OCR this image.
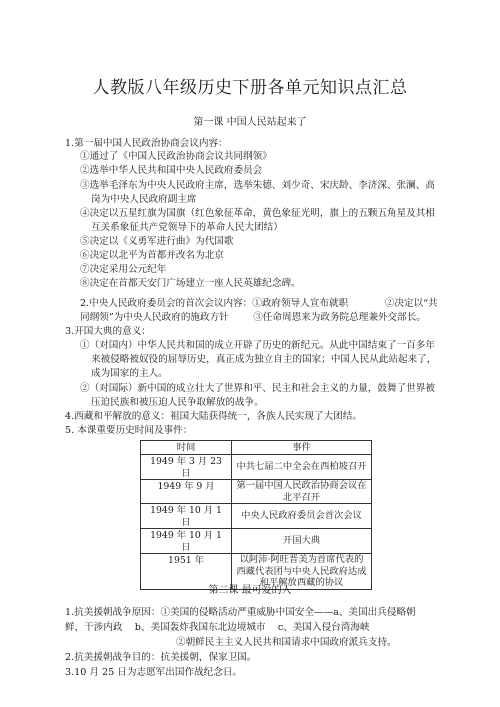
人教版八年级历史下册各单元知识点汇总
第一课 中国人民站起来了
1.第一届中国人民政治协商会议内容：
①通过了《中国人民政治协商会议共同纲领》
②选举中华人民共和国中央人民政府委员会
③选举毛泽东为中央人民政府主席，选举朱德、刘少奇、宋庆龄、李济深、张澜、高
岗为中央人民政府副主席
④决定以五星红旗为国旗（红色象征革命，黄色象征光明，旗上的五颗五角星及其相
互关系象征共产党领导下的革命人民大团结）
⑤决定以《义勇军进行曲》为代国歌
⑥决定以北平为首都并改名为北京
⑦决定采用公元纪年
⑧决定在首都天安门广场建立一座人民英雄纪念碑。
2.中央人民政府委员会的首次会议内容：①政府领导人宣布就职            ②决定以“共
同纲领”为中央人民政府的施政方针        ③任命周恩来为政务院总理兼外交部长。
3.开国大典的意义：
①（对国内）中华人民共和国的成立开辟了历史的新纪元。从此中国结束了一百多年
来被侵略被奴役的屈辱历史，真正成为独立自主的国家；中国人民从此站起来了，
成为国家的主人。
②（对国际）新中国的成立壮大了世界和平、民主和社会主义的力量，鼓舞了世界被
压迫民族和被压迫人民争取解放的战争。
4.西藏和平解放的意义：祖国大陆获得统一，各族人民实现了大团结。
5. 本课重要历史时间及事件：
时间	事件
1949 年 3 月 23 日	中共七届二中全会在西柏坡召开

1949 年 9 月	第一届中国人民政治协商会议在
北平召开

1949 年 10 月 1 日	中央人民政府委员会首次会议

1949 年 10 月 1 日	开国大典

1951 年	以阿沛·阿旺晋美为首席代表的
西藏代表团与中央人民政府达成
和平解放西藏的协议
第二课 最可爱的人
1.抗美援朝战争原因：①美国的侵略活动严重威胁中国安全——a、美国出兵侵略朝
鲜，干涉内政    b、美国轰炸我国东北边境城市    c、美国入侵台湾海峡
②朝鲜民主主义人民共和国请求中国政府派兵支持。
2.抗美援朝战争目的：抗美援朝，保家卫国。
3.10 月 25 日为志愿军出国作战纪念日。
